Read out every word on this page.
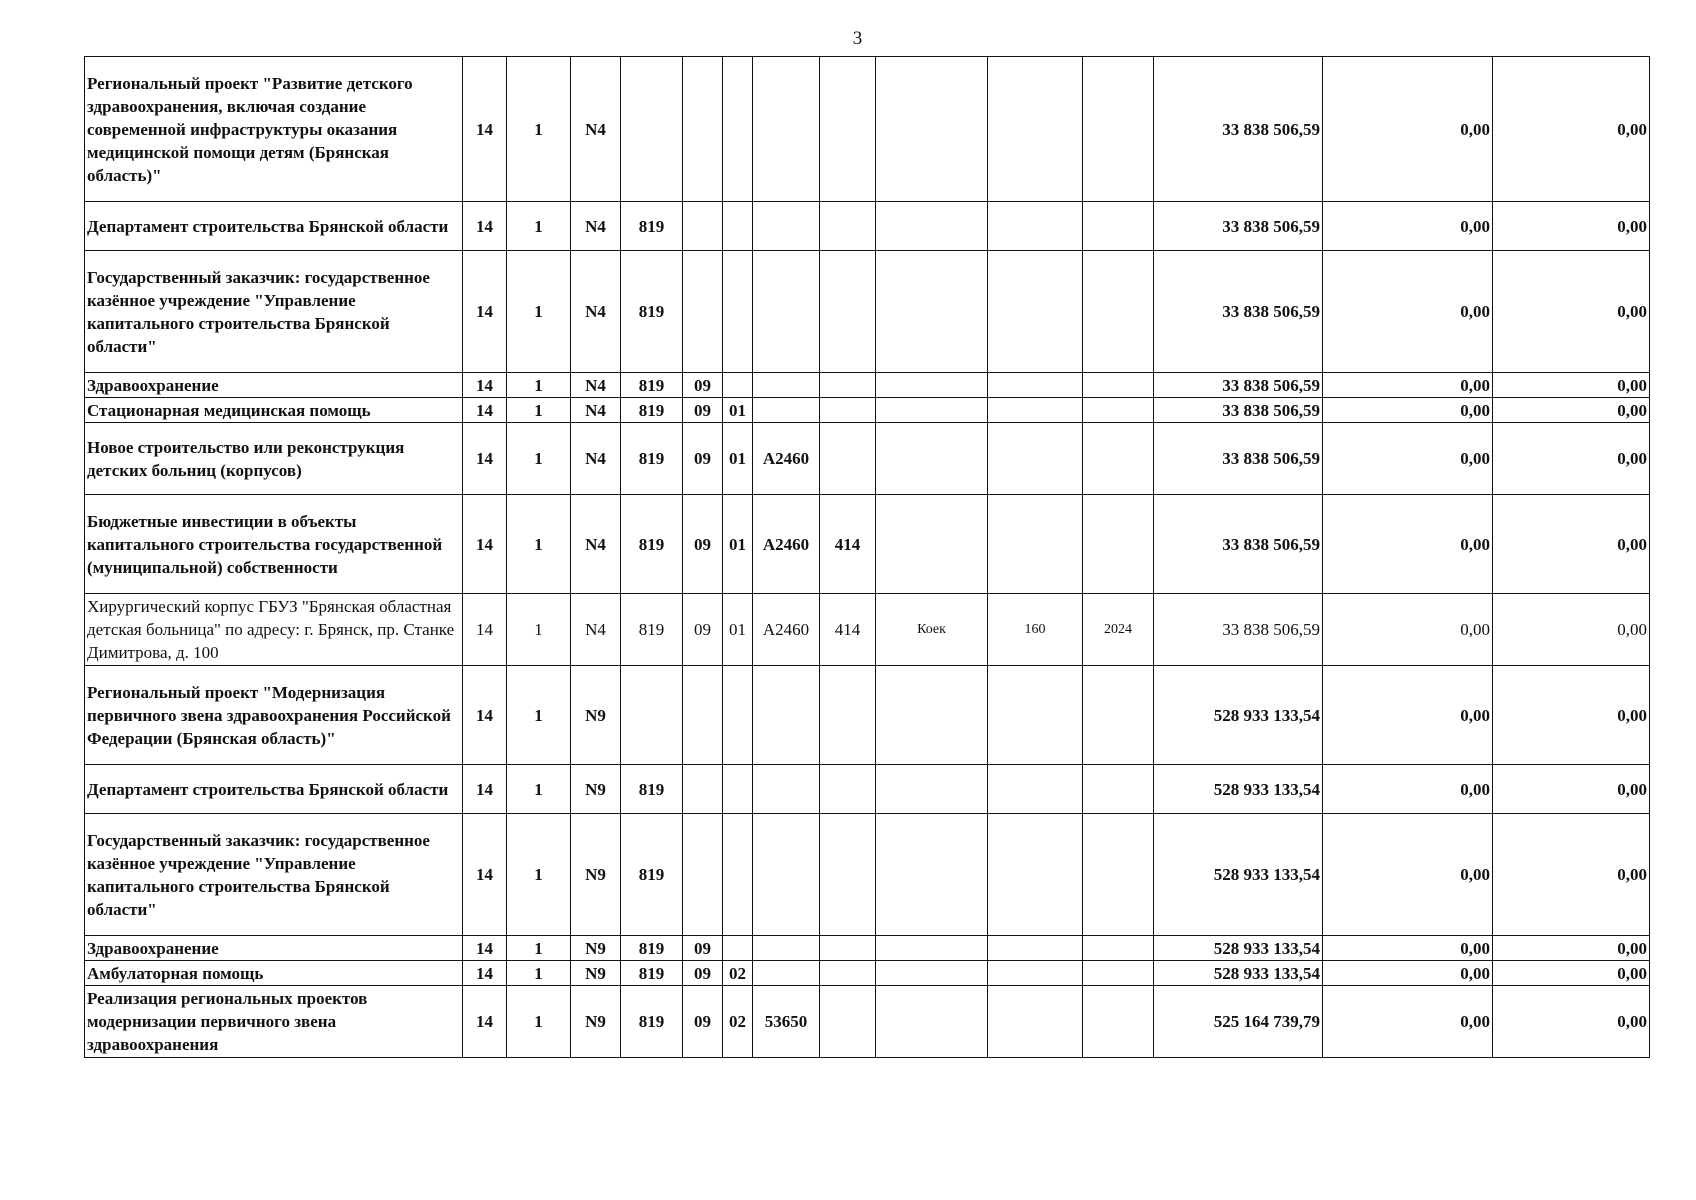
3
Региональный проект "Развитие детского здравоохранения, включая создание современной инфраструктуры оказания медицинской помощи детям (Брянская область)"	14	1	N4									33 838 506,59	0,00	0,00
Департамент строительства Брянской области	14	1	N4	819								33 838 506,59	0,00	0,00
Государственный заказчик: государственное казённое учреждение "Управление капитального строительства Брянской области"	14	1	N4	819								33 838 506,59	0,00	0,00
Здравоохранение	14	1	N4	819	09							33 838 506,59	0,00	0,00
Стационарная медицинская помощь	14	1	N4	819	09	01						33 838 506,59	0,00	0,00
Новое строительство или реконструкция детских больниц (корпусов)	14	1	N4	819	09	01	А2460					33 838 506,59	0,00	0,00
Бюджетные инвестиции в объекты капитального строительства государственной (муниципальной) собственности	14	1	N4	819	09	01	А2460	414				33 838 506,59	0,00	0,00
Хирургический корпус ГБУЗ "Брянская областная детская больница" по адресу: г. Брянск, пр. Станке Димитрова, д. 100	14	1	N4	819	09	01	А2460	414	Коек	160	2024	33 838 506,59	0,00	0,00
Региональный проект "Модернизация первичного звена здравоохранения Российской Федерации (Брянская область)"	14	1	N9									528 933 133,54	0,00	0,00
Департамент строительства Брянской области	14	1	N9	819								528 933 133,54	0,00	0,00
Государственный заказчик: государственное казённое учреждение "Управление капитального строительства Брянской области"	14	1	N9	819								528 933 133,54	0,00	0,00
Здравоохранение	14	1	N9	819	09							528 933 133,54	0,00	0,00
Амбулаторная помощь	14	1	N9	819	09	02						528 933 133,54	0,00	0,00
Реализация региональных проектов модернизации первичного звена здравоохранения	14	1	N9	819	09	02	53650					525 164 739,79	0,00	0,00
